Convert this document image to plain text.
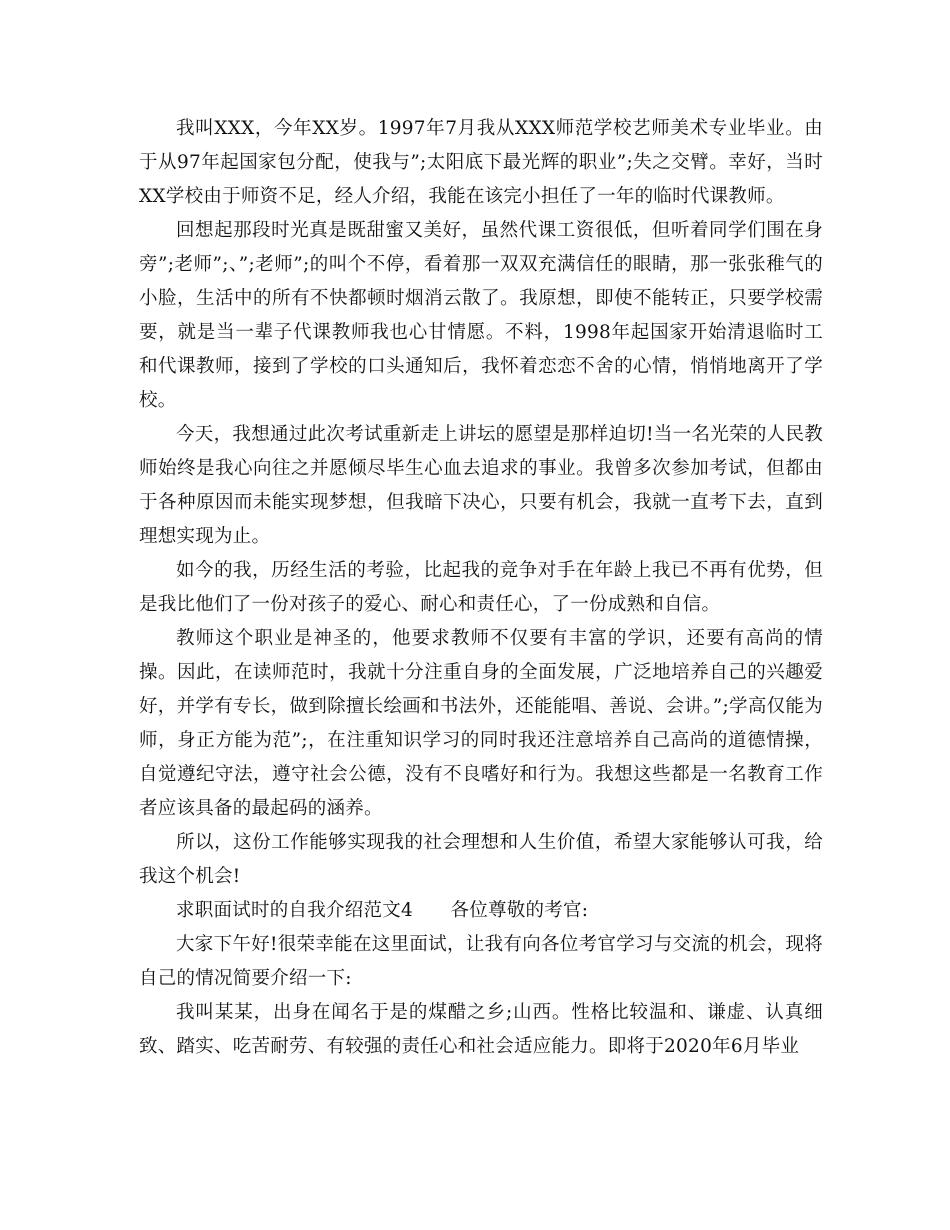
我叫XXX，今年XX岁。1997年7月我从XXX师范学校艺师美术专业毕业。由于从97年起国家包分配，使我与”;太阳底下最光辉的职业”;失之交臂。幸好，当时XX学校由于师资不足，经人介绍，我能在该完小担任了一年的临时代课教师。

回想起那段时光真是既甜蜜又美好，虽然代课工资很低，但听着同学们围在身旁”;老师”;、”;老师”;的叫个不停，看着那一双双充满信任的眼睛，那一张张稚气的小脸，生活中的所有不快都顿时烟消云散了。我原想，即使不能转正，只要学校需要，就是当一辈子代课教师我也心甘情愿。不料，1998年起国家开始清退临时工和代课教师，接到了学校的口头通知后，我怀着恋恋不舍的心情，悄悄地离开了学校。

今天，我想通过此次考试重新走上讲坛的愿望是那样迫切!当一名光荣的人民教师始终是我心向往之并愿倾尽毕生心血去追求的事业。我曾多次参加考试，但都由于各种原因而未能实现梦想，但我暗下决心，只要有机会，我就一直考下去，直到理想实现为止。

如今的我，历经生活的考验，比起我的竞争对手在年龄上我已不再有优势，但是我比他们了一份对孩子的爱心、耐心和责任心，了一份成熟和自信。

教师这个职业是神圣的，他要求教师不仅要有丰富的学识，还要有高尚的情操。因此，在读师范时，我就十分注重自身的全面发展，广泛地培养自己的兴趣爱好，并学有专长，做到除擅长绘画和书法外，还能能唱、善说、会讲。”;学高仅能为师，身正方能为范”;，在注重知识学习的同时我还注意培养自己高尚的道德情操，自觉遵纪守法，遵守社会公德，没有不良嗜好和行为。我想这些都是一名教育工作者应该具备的最起码的涵养。

所以，这份工作能够实现我的社会理想和人生价值，希望大家能够认可我，给我这个机会!

求职面试时的自我介绍范文4　　各位尊敬的考官:

大家下午好!很荣幸能在这里面试，让我有向各位考官学习与交流的机会，现将自己的情况简要介绍一下:

我叫某某，出身在闻名于是的煤醋之乡;山西。性格比较温和、谦虚、认真细致、踏实、吃苦耐劳、有较强的责任心和社会适应能力。即将于2020年6月毕业
